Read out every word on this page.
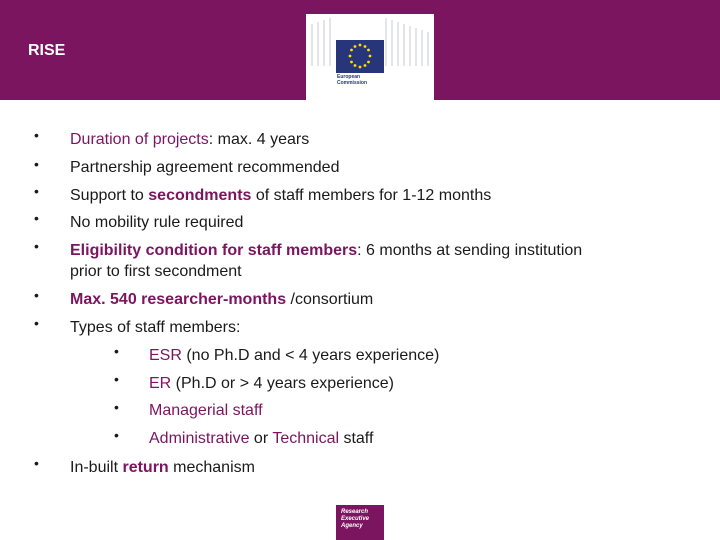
RISE
European
Commission
• Duration of projects: max. 4 years
• Partnership agreement recommended
• Support to secondments of staff members for 1-12 months
• No mobility rule required
• Eligibility condition for staff members: 6 months at sending institution
prior to first secondment
• Max. 540 researcher-months /consortium
• Types of staff members:
• ESR (no Ph.D and < 4 years experience)
• ER (Ph.D or > 4 years experience)
• Managerial staff
• Administrative or Technical staff
• In-built return mechanism
Research
Executive
Agency
